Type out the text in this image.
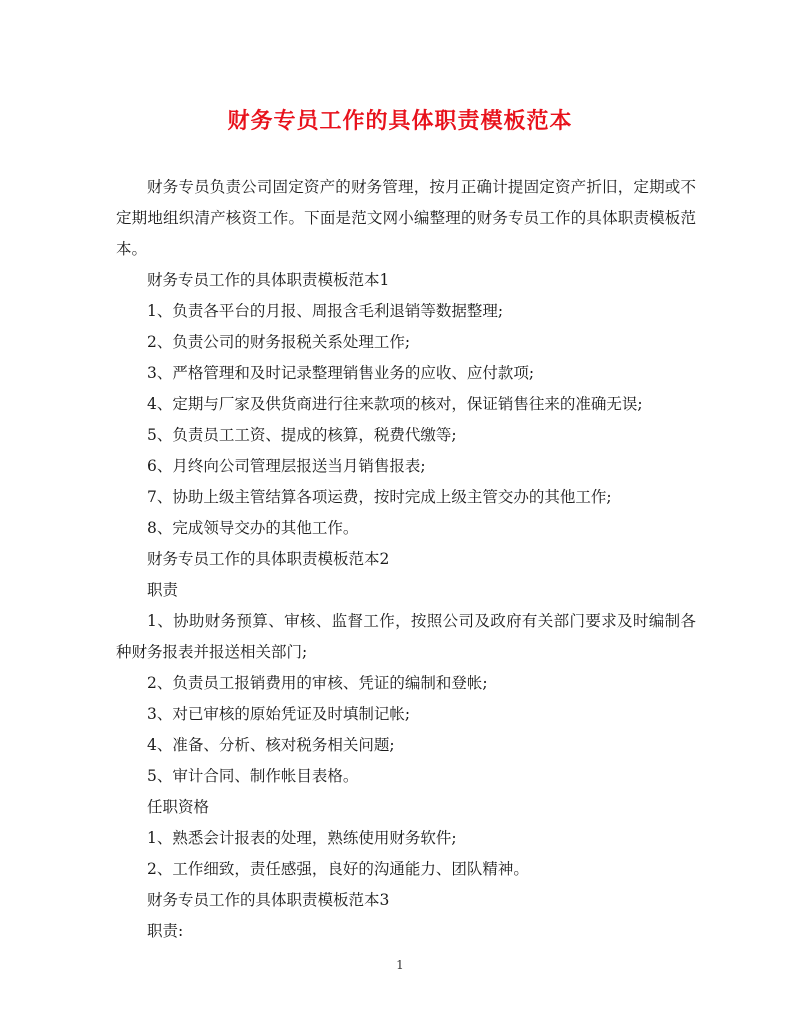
财务专员工作的具体职责模板范本

财务专员负责公司固定资产的财务管理，按月正确计提固定资产折旧，定期或不定期地组织清产核资工作。下面是范文网小编整理的财务专员工作的具体职责模板范本。

财务专员工作的具体职责模板范本1

1、负责各平台的月报、周报含毛利退销等数据整理;

2、负责公司的财务报税关系处理工作;

3、严格管理和及时记录整理销售业务的应收、应付款项;

4、定期与厂家及供货商进行往来款项的核对，保证销售往来的准确无误;

5、负责员工工资、提成的核算，税费代缴等;

6、月终向公司管理层报送当月销售报表;

7、协助上级主管结算各项运费，按时完成上级主管交办的其他工作;

8、完成领导交办的其他工作。

财务专员工作的具体职责模板范本2

职责

1、协助财务预算、审核、监督工作，按照公司及政府有关部门要求及时编制各种财务报表并报送相关部门;

2、负责员工报销费用的审核、凭证的编制和登帐;

3、对已审核的原始凭证及时填制记帐;

4、准备、分析、核对税务相关问题;

5、审计合同、制作帐目表格。

任职资格

1、熟悉会计报表的处理，熟练使用财务软件;

2、工作细致，责任感强，良好的沟通能力、团队精神。

财务专员工作的具体职责模板范本3

职责:

1
